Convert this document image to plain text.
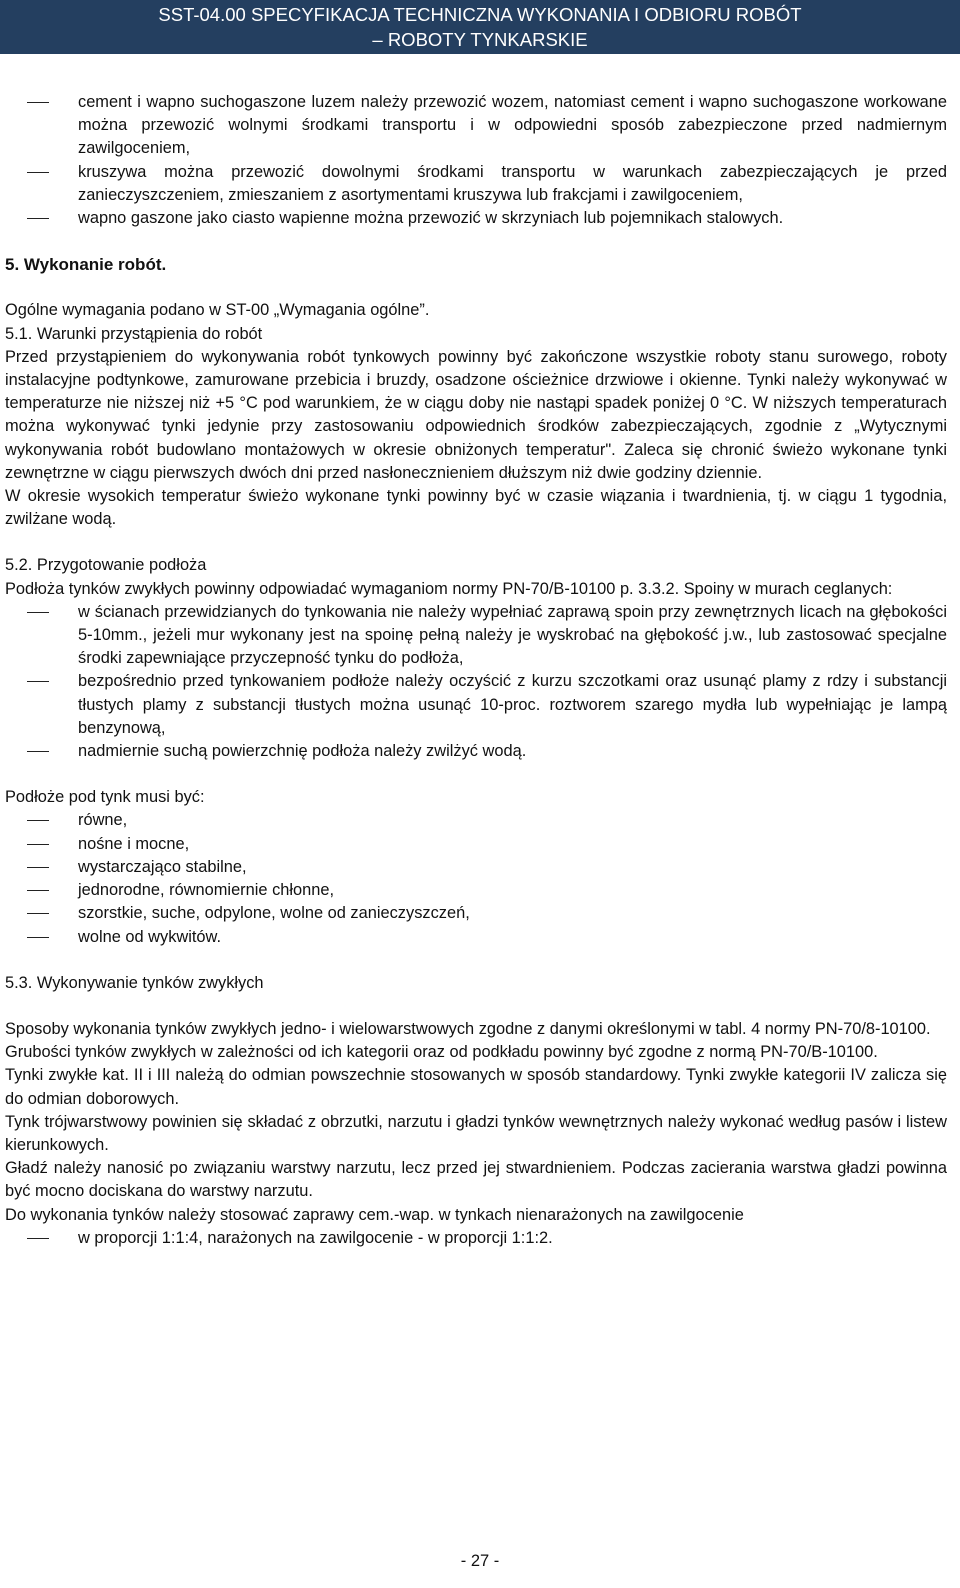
SST-04.00 SPECYFIKACJA TECHNICZNA WYKONANIA I ODBIORU ROBÓT
– ROBOTY TYNKARSKIE
cement i wapno suchogaszone luzem należy przewozić wozem, natomiast cement i wapno suchogaszone workowane można przewozić wolnymi środkami transportu i w odpowiedni sposób zabezpieczone przed nadmiernym zawilgoceniem,
kruszywa można przewozić dowolnymi środkami transportu w warunkach zabezpieczających je przed zanieczyszczeniem, zmieszaniem z asortymentami kruszywa lub frakcjami i zawilgoceniem,
wapno gaszone jako ciasto wapienne można przewozić w skrzyniach lub pojemnikach stalowych.
5. Wykonanie robót.

Ogólne wymagania podano w ST-00 „Wymagania ogólne”.

5.1. Warunki przystąpienia do robót

Przed przystąpieniem do wykonywania robót tynkowych powinny być zakończone wszystkie roboty stanu surowego, roboty instalacyjne podtynkowe, zamurowane przebicia i bruzdy, osadzone ościeżnice drzwiowe i okienne. Tynki należy wykonywać w temperaturze nie niższej niż +5 °C pod warunkiem, że w ciągu doby nie nastąpi spadek poniżej 0 °C. W niższych temperaturach można wykonywać tynki jedynie przy zastosowaniu odpowiednich środków zabezpieczających, zgodnie z „Wytycznymi wykonywania robót budowlano montażowych w okresie obniżonych temperatur". Zaleca się chronić świeżo wykonane tynki zewnętrzne w ciągu pierwszych dwóch dni przed nasłonecznieniem dłuższym niż dwie godziny dziennie.

W okresie wysokich temperatur świeżo wykonane tynki powinny być w czasie wiązania i twardnienia, tj. w ciągu 1 tygodnia, zwilżane wodą.

5.2. Przygotowanie podłoża

Podłoża tynków zwykłych powinny odpowiadać wymaganiom normy PN-70/B-10100 p. 3.3.2. Spoiny w murach ceglanych:

w ścianach przewidzianych do tynkowania nie należy wypełniać zaprawą spoin przy zewnętrznych licach na głębokości 5-10mm., jeżeli mur wykonany jest na spoinę pełną należy je wyskrobać na głębokość j.w., lub zastosować specjalne środki zapewniające przyczepność tynku do podłoża,
bezpośrednio przed tynkowaniem podłoże należy oczyścić z kurzu szczotkami oraz usunąć plamy z rdzy i substancji tłustych plamy z substancji tłustych można usunąć 10-proc. roztworem szarego mydła lub wypełniając je lampą benzynową,
nadmiernie suchą powierzchnię podłoża należy zwilżyć wodą.
Podłoże pod tynk musi być:
równe,
nośne i mocne,
wystarczająco stabilne,
jednorodne, równomiernie chłonne,
szorstkie, suche, odpylone, wolne od zanieczyszczeń,
wolne od wykwitów.
5.3. Wykonywanie tynków zwykłych

Sposoby wykonania tynków zwykłych jedno- i wielowarstwowych zgodne z danymi określonymi w tabl. 4 normy PN-70/8-10100.

Grubości tynków zwykłych w zależności od ich kategorii oraz od podkładu powinny być zgodne z normą PN-70/B-10100.

Tynki zwykłe kat. II i III należą do odmian powszechnie stosowanych w sposób standardowy. Tynki zwykłe kategorii IV zalicza się do odmian doborowych.

Tynk trójwarstwowy powinien się składać z obrzutki, narzutu i gładzi tynków wewnętrznych należy wykonać według pasów i listew kierunkowych.

Gładź należy nanosić po związaniu warstwy narzutu, lecz przed jej stwardnieniem. Podczas zacierania warstwa gładzi powinna być mocno dociskana do warstwy narzutu.

Do wykonania tynków należy stosować zaprawy cem.-wap. w tynkach nienarażonych na zawilgocenie

w proporcji 1:1:4, narażonych na zawilgocenie - w proporcji 1:1:2.
- 27 -
